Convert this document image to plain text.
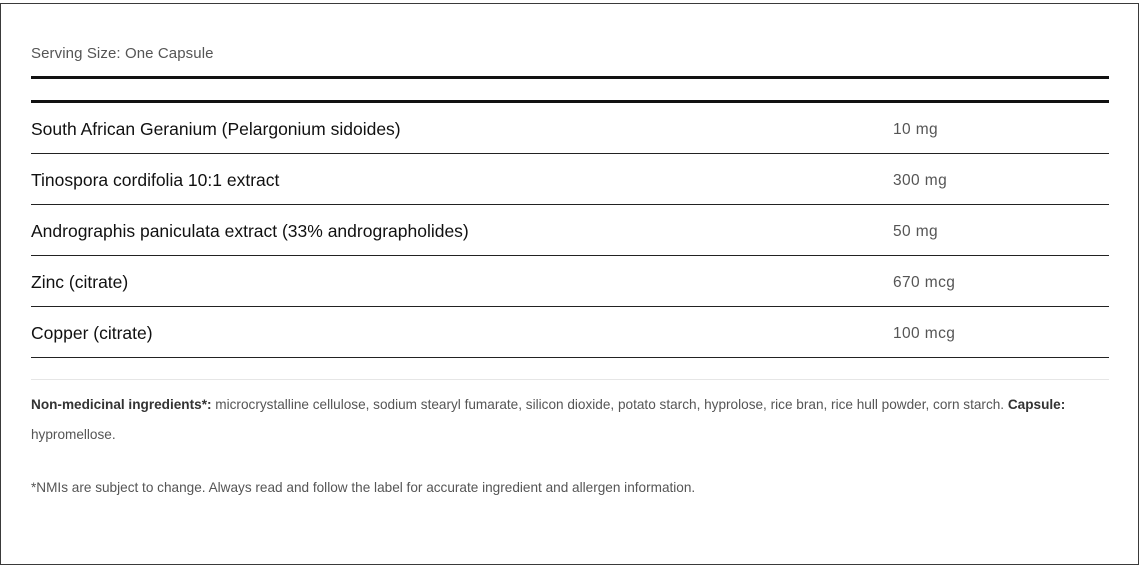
Serving Size: One Capsule
South African Geranium (Pelargonium sidoides)	10 mg
Tinospora cordifolia 10:1 extract	300 mg
Andrographis paniculata extract (33% andrographolides)	50 mg
Zinc (citrate)	670 mcg
Copper (citrate)	100 mcg
Non-medicinal ingredients*: microcrystalline cellulose, sodium stearyl fumarate, silicon dioxide, potato starch, hyprolose, rice bran, rice hull powder, corn starch. Capsule: hypromellose.
*NMIs are subject to change. Always read and follow the label for accurate ingredient and allergen information.
